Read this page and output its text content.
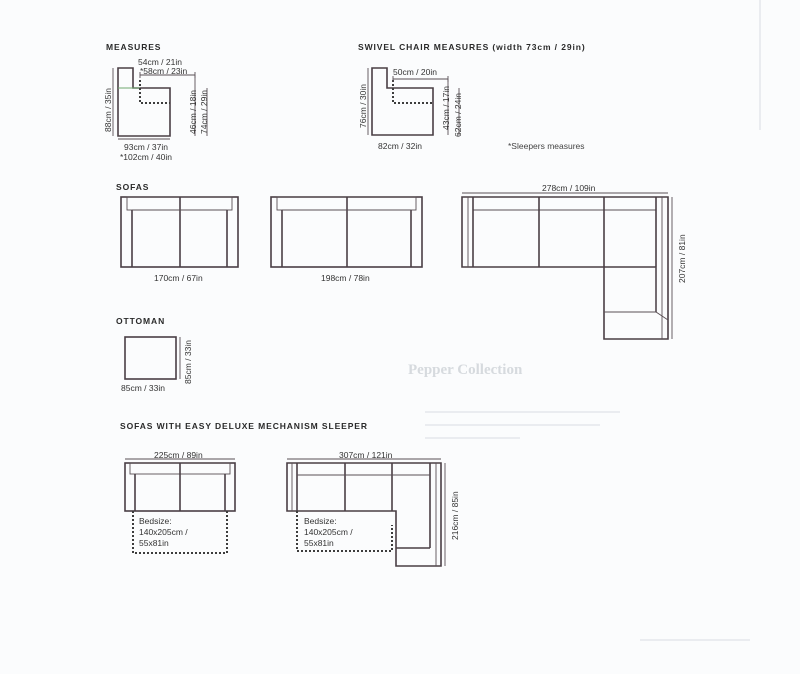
Pepper Collection
MEASURES	SWIVEL CHAIR MEASURES (width 73cm / 29in)
SOFAS
OTTOMAN
SOFAS WITH EASY DELUXE MECHANISM SLEEPER
54cm / 21in
*58cm / 23in
88cm / 35in	46cm / 18in 74cm / 29in
93cm / 37in
*102cm / 40in
50cm / 20in
76cm / 30in	43cm / 17in 62cm / 24in
82cm / 32in	*Sleepers measures
170cm / 67in	198cm / 78in
278cm / 109in
207cm / 81in
85cm / 33in
85cm / 33in
225cm / 89in
Bedsize:
140x205cm /
55x81in
307cm / 121in
216cm / 85in
Bedsize:
140x205cm /
55x81in
